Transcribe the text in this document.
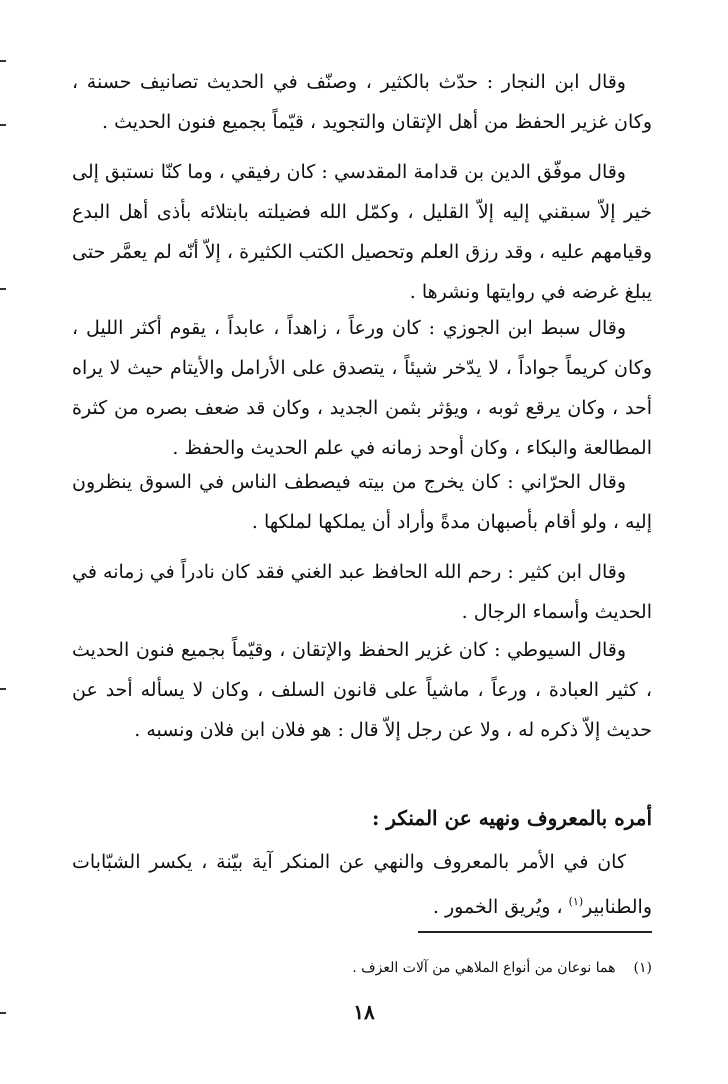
وقال ابن النجار : حدّث بالكثير ، وصنّف في الحديث تصانيف حسنة ، وكان غزير الحفظ من أهل الإتقان والتجويد ، قيّماً بجميع فنون الحديث .

وقال موفّق الدين بن قدامة المقدسي : كان رفيقي ، وما كنّا نستبق إلى خير إلاّ سبقني إليه إلاّ القليل ، وكمّل الله فضيلته بابتلائه بأذى أهل البدع وقيامهم عليه ، وقد رزق العلم وتحصيل الكتب الكثيرة ، إلاّ أنّه لم يعمَّر حتى يبلغ غرضه في روايتها ونشرها .

وقال سبط ابن الجوزي : كان ورعاً ، زاهداً ، عابداً ، يقوم أكثر الليل ، وكان كريماً جواداً ، لا يدّخر شيئاً ، يتصدق على الأرامل والأيتام حيث لا يراه أحد ، وكان يرقع ثوبه ، ويؤثر بثمن الجديد ، وكان قد ضعف بصره من كثرة المطالعة والبكاء ، وكان أوحد زمانه في علم الحديث والحفظ .

وقال الحرّاني : كان يخرج من بيته فيصطف الناس في السوق ينظرون إليه ، ولو أقام بأصبهان مدةً وأراد أن يملكها لملكها .

وقال ابن كثير : رحم الله الحافظ عبد الغني فقد كان نادراً في زمانه في الحديث وأسماء الرجال .

وقال السيوطي : كان غزير الحفظ والإتقان ، وقيّماً بجميع فنون الحديث ، كثير العبادة ، ورعاً ، ماشياً على قانون السلف ، وكان لا يسأله أحد عن حديث إلاّ ذكره له ، ولا عن رجل إلاّ قال : هو فلان ابن فلان ونسبه .

أمره بالمعروف ونهيه عن المنكر :

كان في الأمر بالمعروف والنهي عن المنكر آية بيّنة ، يكسر الشبّابات والطنابير$^{(١)}$ ، ويُريق الخمور .

(١)هما نوعان من أنواع الملاهي من آلات العزف .
١٨
